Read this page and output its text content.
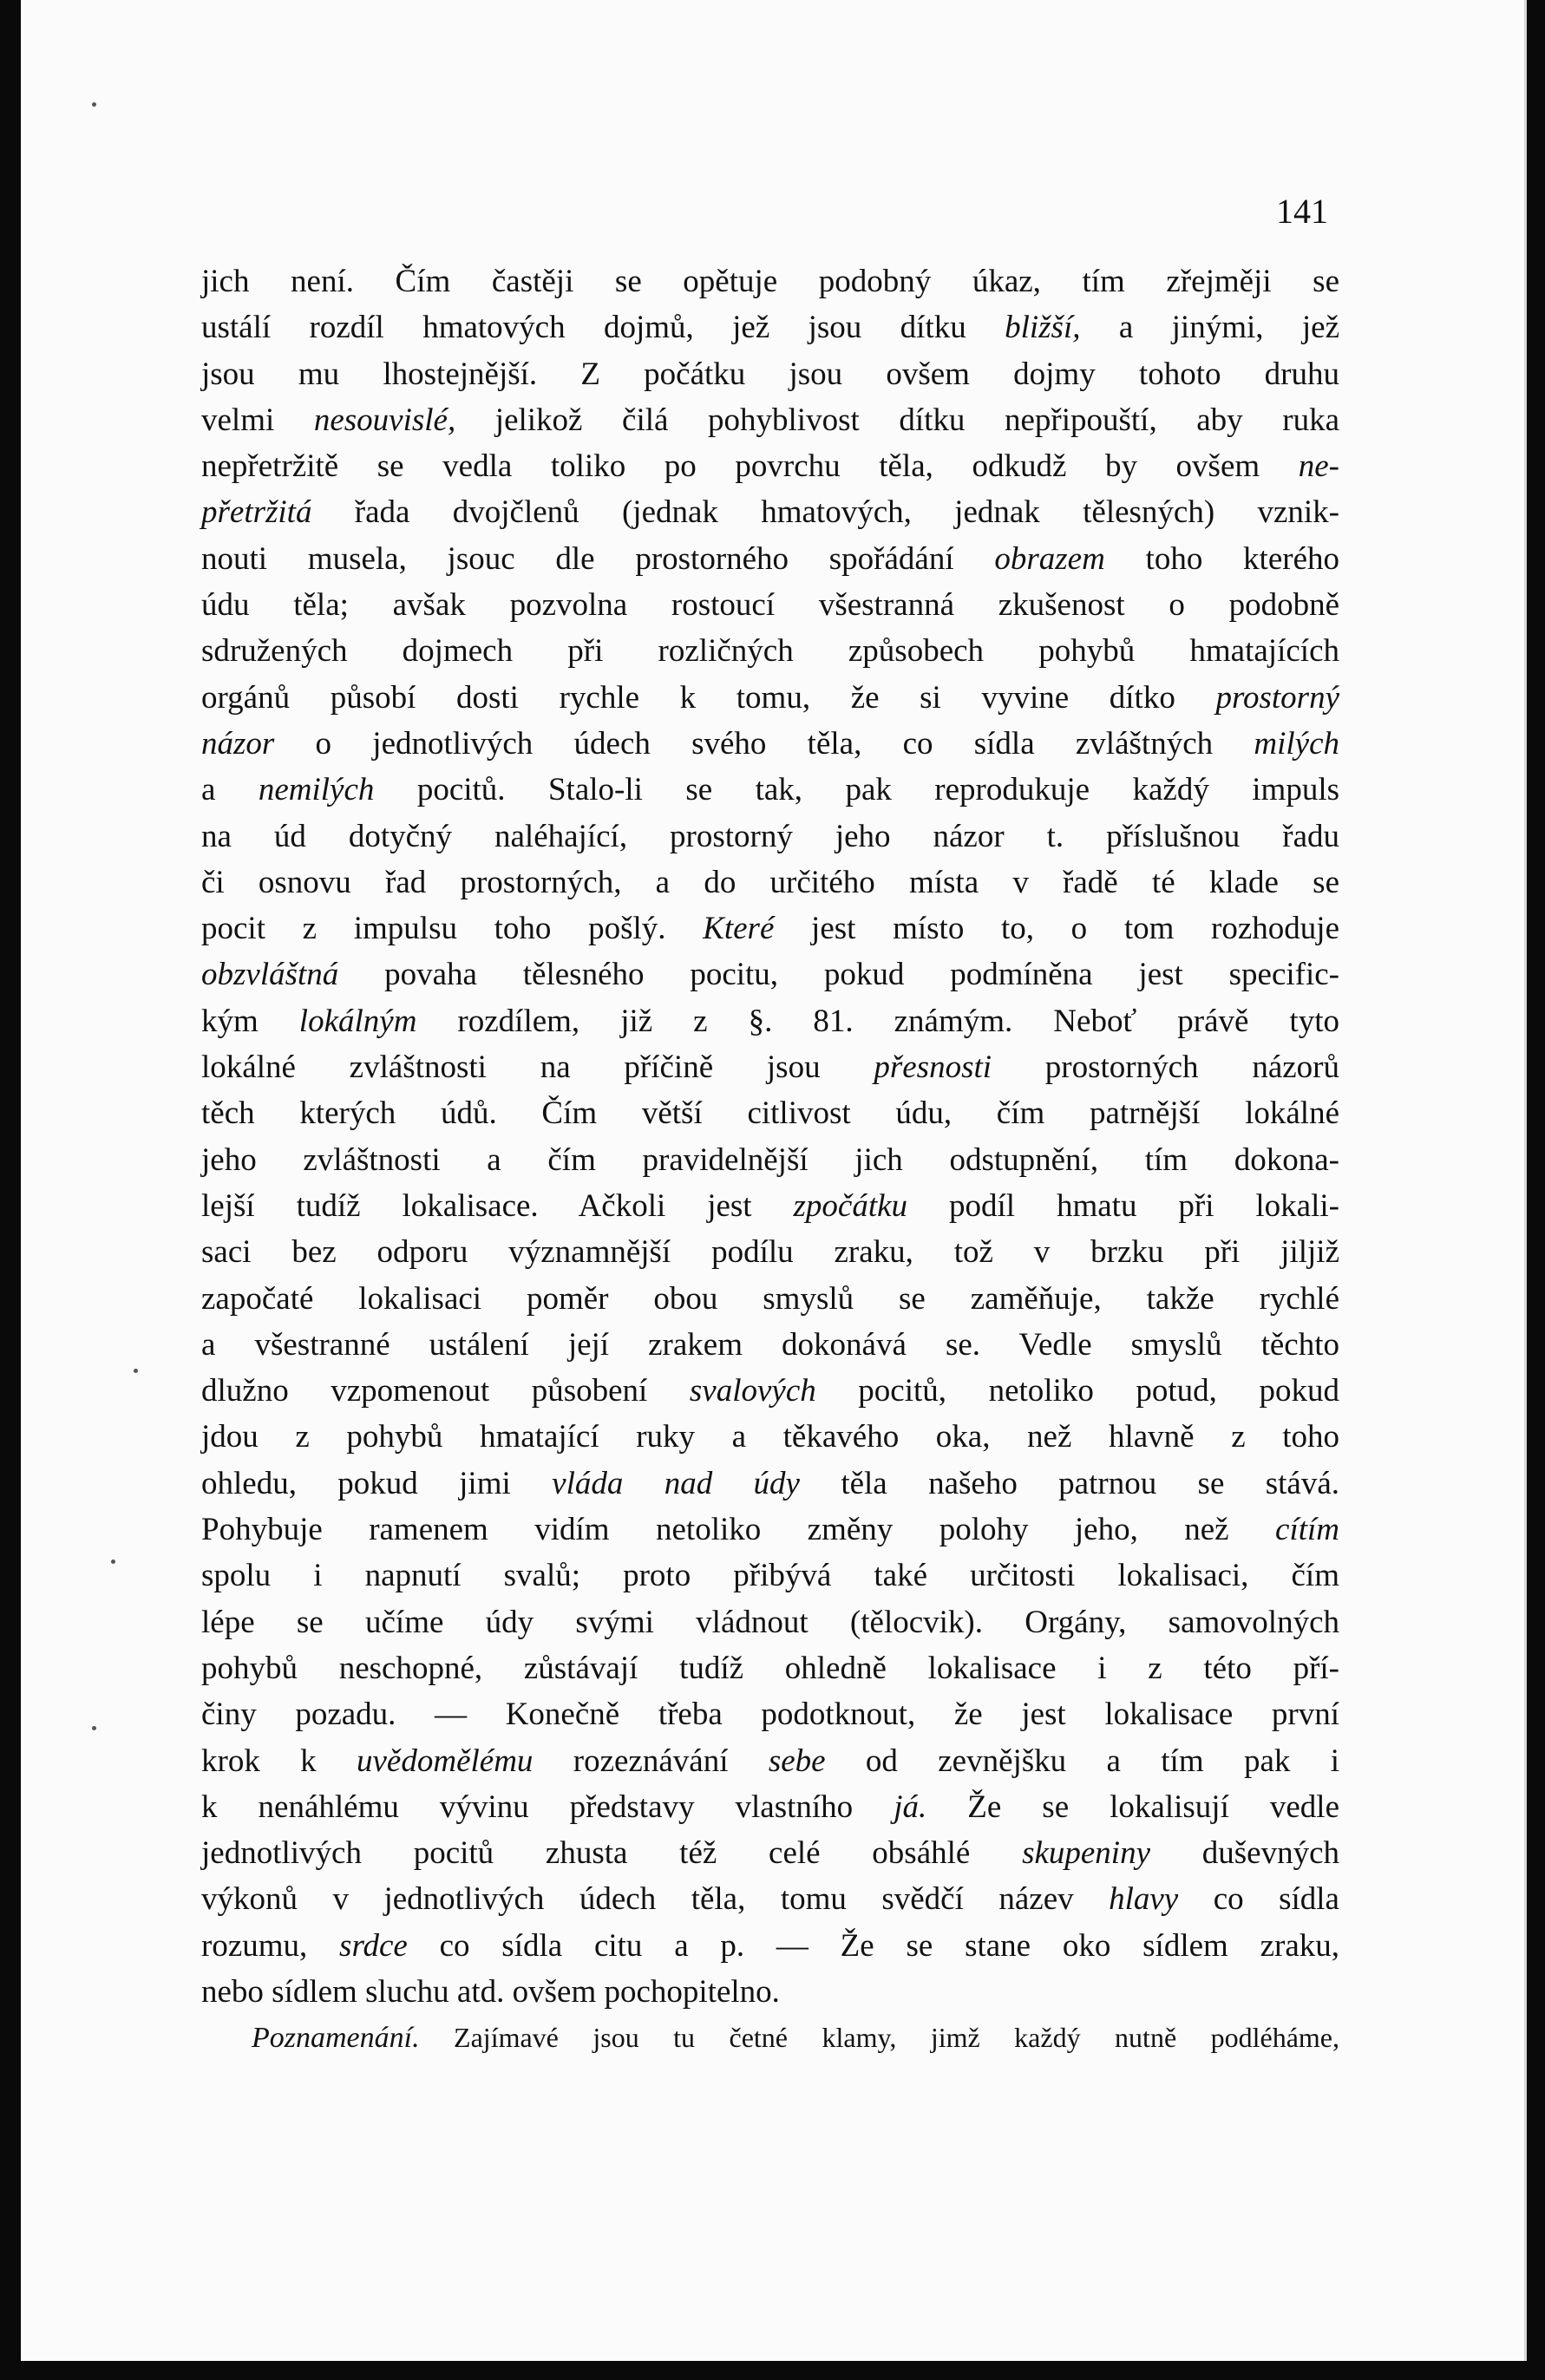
141
jich není. Čím častěji se opětuje podobný úkaz, tím zřejměji se
ustálí rozdíl hmatových dojmů, jež jsou dítku bližší, a jinými, jež
jsou mu lhostejnější. Z počátku jsou ovšem dojmy tohoto druhu
velmi nesouvislé, jelikož čilá pohyblivost dítku nepřipouští, aby ruka
nepřetržitě se vedla toliko po povrchu těla, odkudž by ovšem ne-
přetržitá řada dvojčlenů (jednak hmatových, jednak tělesných) vznik-
nouti musela, jsouc dle prostorného spořádání obrazem toho kterého
údu těla; avšak pozvolna rostoucí všestranná zkušenost o podobně
sdružených dojmech při rozličných způsobech pohybů hmatajících
orgánů působí dosti rychle k tomu, že si vyvine dítko prostorný
názor o jednotlivých údech svého těla, co sídla zvláštných milých
a nemilých pocitů. Stalo-li se tak, pak reprodukuje každý impuls
na úd dotyčný naléhající, prostorný jeho názor t. příslušnou řadu
či osnovu řad prostorných, a do určitého místa v řadě té klade se
pocit z impulsu toho pošlý. Které jest místo to, o tom rozhoduje
obzvláštná povaha tělesného pocitu, pokud podmíněna jest specific-
kým lokálným rozdílem, již z §. 81. známým. Neboť právě tyto
lokálné zvláštnosti na příčině jsou přesnosti prostorných názorů
těch kterých údů. Čím větší citlivost údu, čím patrnější lokálné
jeho zvláštnosti a čím pravidelnější jich odstupnění, tím dokona-
lejší tudíž lokalisace. Ačkoli jest zpočátku podíl hmatu při lokali-
saci bez odporu významnější podílu zraku, tož v brzku při jiljiž
započaté lokalisaci poměr obou smyslů se zaměňuje, takže rychlé
a všestranné ustálení její zrakem dokonává se. Vedle smyslů těchto
dlužno vzpomenout působení svalových pocitů, netoliko potud, pokud
jdou z pohybů hmatající ruky a těkavého oka, než hlavně z toho
ohledu, pokud jimi vláda nad údy těla našeho patrnou se stává.
Pohybuje ramenem vidím netoliko změny polohy jeho, než cítím
spolu i napnutí svalů; proto přibývá také určitosti lokalisaci, čím
lépe se učíme údy svými vládnout (tělocvik). Orgány, samovolných
pohybů neschopné, zůstávají tudíž ohledně lokalisace i z této pří-
činy pozadu. — Konečně třeba podotknout, že jest lokalisace první
krok k uvědomělému rozeznávání sebe od zevnějšku a tím pak i
k nenáhlému vývinu představy vlastního já. Že se lokalisují vedle
jednotlivých pocitů zhusta též celé obsáhlé skupeniny duševných
výkonů v jednotlivých údech těla, tomu svědčí název hlavy co sídla
rozumu, srdce co sídla citu a p. — Že se stane oko sídlem zraku,
nebo sídlem sluchu atd. ovšem pochopitelno.
Poznamenání. Zajímavé jsou tu četné klamy, jimž každý nutně podléháme,
